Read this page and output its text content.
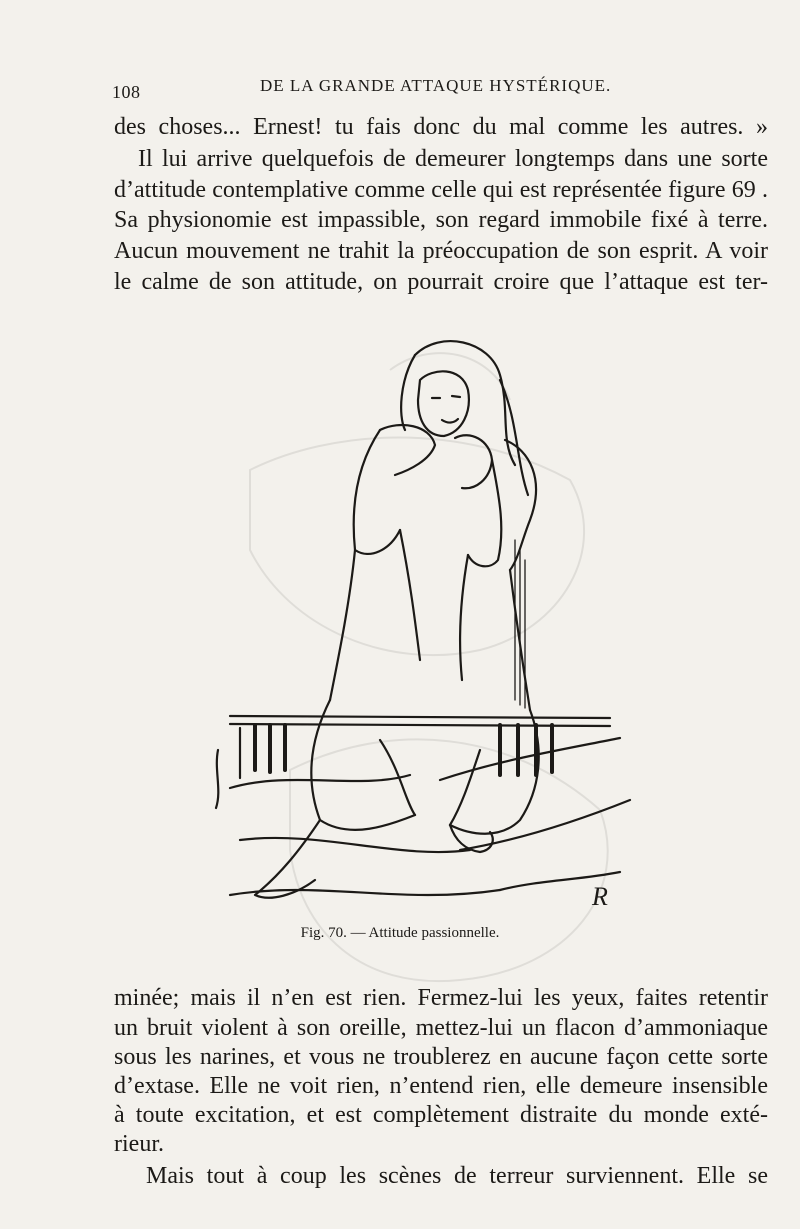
108	DE LA GRANDE ATTAQUE HYSTÉRIQUE.
des choses... Ernest! tu fais donc du mal comme les autres. »
Il lui arrive quelquefois de demeurer longtemps dans une sorte
d’attitude contemplative comme celle qui est représentée figure 69 .
Sa physionomie est impassible, son regard immobile fixé à terre.
Aucun mouvement ne trahit la préoccupation de son esprit. A voir
le calme de son attitude, on pourrait croire que l’attaque est ter-
R
Fig. 70. — Attitude passionnelle.
minée; mais il n’en est rien. Fermez-lui les yeux, faites retentir
un bruit violent à son oreille, mettez-lui un flacon d’ammoniaque
sous les narines, et vous ne troublerez en aucune façon cette sorte
d’extase. Elle ne voit rien, n’entend rien, elle demeure insensible
à toute excitation, et est complètement distraite du monde exté-
rieur.
Mais tout à coup les scènes de terreur surviennent. Elle se
